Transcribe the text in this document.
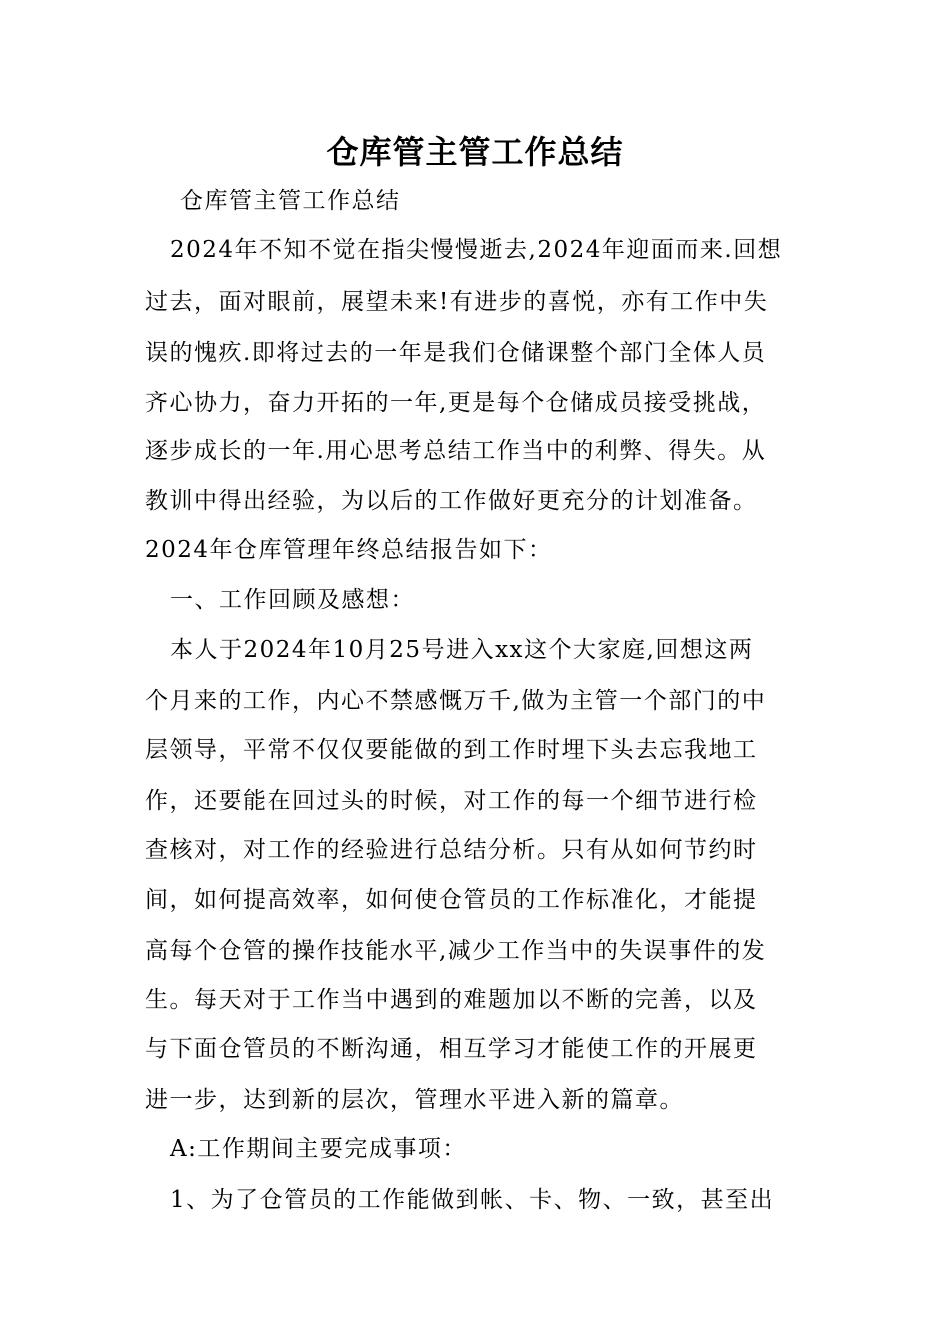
仓库管主管工作总结
仓库管主管工作总结
2024年不知不觉在指尖慢慢逝去,2024年迎面而来.回想
过去，面对眼前，展望未来!有进步的喜悦，亦有工作中失
误的愧疚.即将过去的一年是我们仓储课整个部门全体人员
齐心协力，奋力开拓的一年,更是每个仓储成员接受挑战，
逐步成长的一年.用心思考总结工作当中的利弊、得失。从
教训中得出经验，为以后的工作做好更充分的计划准备。
2024年仓库管理年终总结报告如下：
一、工作回顾及感想：
本人于2024年10月25号进入xx这个大家庭,回想这两
个月来的工作，内心不禁感慨万千,做为主管一个部门的中
层领导，平常不仅仅要能做的到工作时埋下头去忘我地工
作，还要能在回过头的时候，对工作的每一个细节进行检
查核对，对工作的经验进行总结分析。只有从如何节约时
间，如何提高效率，如何使仓管员的工作标准化，才能提
高每个仓管的操作技能水平,减少工作当中的失误事件的发
生。每天对于工作当中遇到的难题加以不断的完善，以及
与下面仓管员的不断沟通，相互学习才能使工作的开展更
进一步，达到新的层次，管理水平进入新的篇章。
A:工作期间主要完成事项：
1、为了仓管员的工作能做到帐、卡、物、一致，甚至出
